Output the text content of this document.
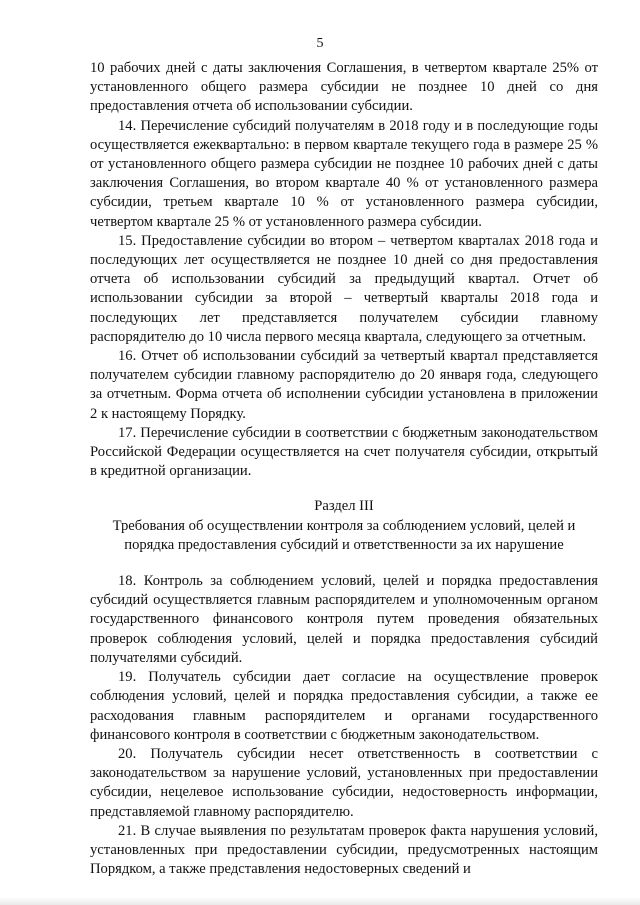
5

10 рабочих дней с даты заключения Соглашения, в четвертом квартале 25% от установленного общего размера субсидии не позднее 10 дней со дня предоставления отчета об использовании субсидии.

14. Перечисление субсидий получателям в 2018 году и в последующие годы осуществляется ежеквартально: в первом квартале текущего года в размере 25 % от установленного общего размера субсидии не позднее 10 рабочих дней с даты заключения Соглашения, во втором квартале 40 % от установленного размера субсидии, третьем квартале 10 % от установленного размера субсидии, четвертом квартале 25 % от установленного размера субсидии.

15. Предоставление субсидии во втором – четвертом кварталах 2018 года и последующих лет осуществляется не позднее 10 дней со дня предоставления отчета об использовании субсидий за предыдущий квартал. Отчет об использовании субсидии за второй – четвертый кварталы 2018 года и последующих лет представляется получателем субсидии главному распорядителю до 10 числа первого месяца квартала, следующего за отчетным.

16. Отчет об использовании субсидий за четвертый квартал представляется получателем субсидии главному распорядителю до 20 января года, следующего за отчетным. Форма отчета об исполнении субсидии установлена в приложении 2 к настоящему Порядку.

17. Перечисление субсидии в соответствии с бюджетным законодательством Российской Федерации осуществляется на счет получателя субсидии, открытый в кредитной организации.

Раздел III

Требования об осуществлении контроля за соблюдением условий, целей и порядка предоставления субсидий и ответственности за их нарушение

18. Контроль за соблюдением условий, целей и порядка предоставления субсидий осуществляется главным распорядителем и уполномоченным органом государственного финансового контроля путем проведения обязательных проверок соблюдения условий, целей и порядка предоставления субсидий получателями субсидий.

19. Получатель субсидии дает согласие на осуществление проверок соблюдения условий, целей и порядка предоставления субсидии, а также ее расходования главным распорядителем и органами государственного финансового контроля в соответствии с бюджетным законодательством.

20. Получатель субсидии несет ответственность в соответствии с законодательством за нарушение условий, установленных при предоставлении субсидии, нецелевое использование субсидии, недостоверность информации, представляемой главному распорядителю.

21. В случае выявления по результатам проверок факта нарушения условий, установленных при предоставлении субсидии, предусмотренных настоящим Порядком, а также представления недостоверных сведений и
